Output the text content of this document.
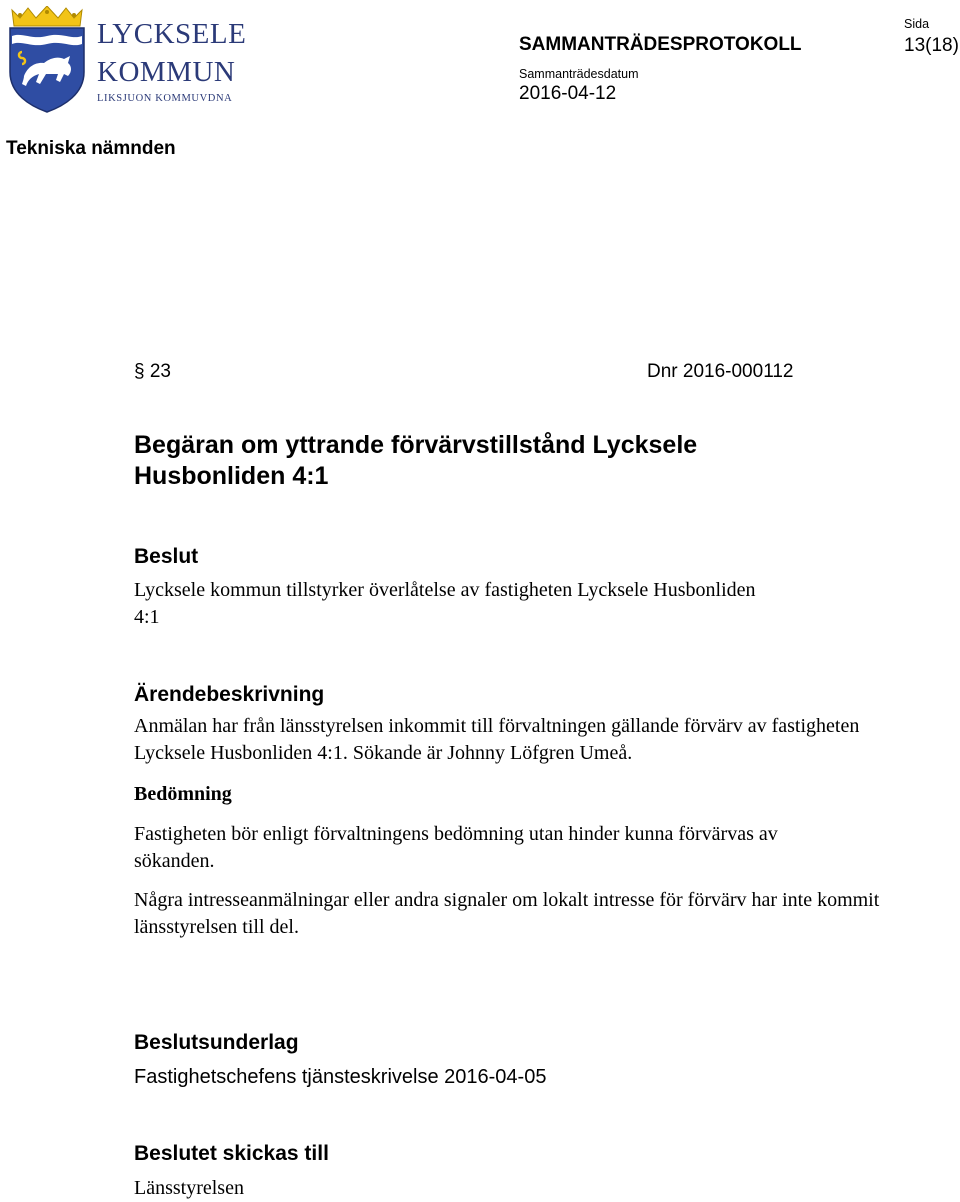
LYCKSELE
KOMMUN
LIKSJUON KOMMUVDNA
SAMMANTRÄDESPROTOKOLL
Sammanträdesdatum
2016-04-12
Sida
13(18)
Tekniska nämnden
§ 23	Dnr 2016-000112
Begäran om yttrande förvärvstillstånd Lycksele Husbonliden 4:1
Beslut
Lycksele kommun tillstyrker överlåtelse av fastigheten Lycksele Husbonliden 4:1
Ärendebeskrivning
Anmälan har från länsstyrelsen inkommit till förvaltningen gällande förvärv av fastigheten Lycksele Husbonliden 4:1. Sökande är Johnny Löfgren Umeå.
Bedömning
Fastigheten bör enligt förvaltningens bedömning utan hinder kunna förvärvas av sökanden.
Några intresseanmälningar eller andra signaler om lokalt intresse för förvärv har inte kommit länsstyrelsen till del.
Beslutsunderlag
Fastighetschefens tjänsteskrivelse 2016-04-05
Beslutet skickas till
Länsstyrelsen
